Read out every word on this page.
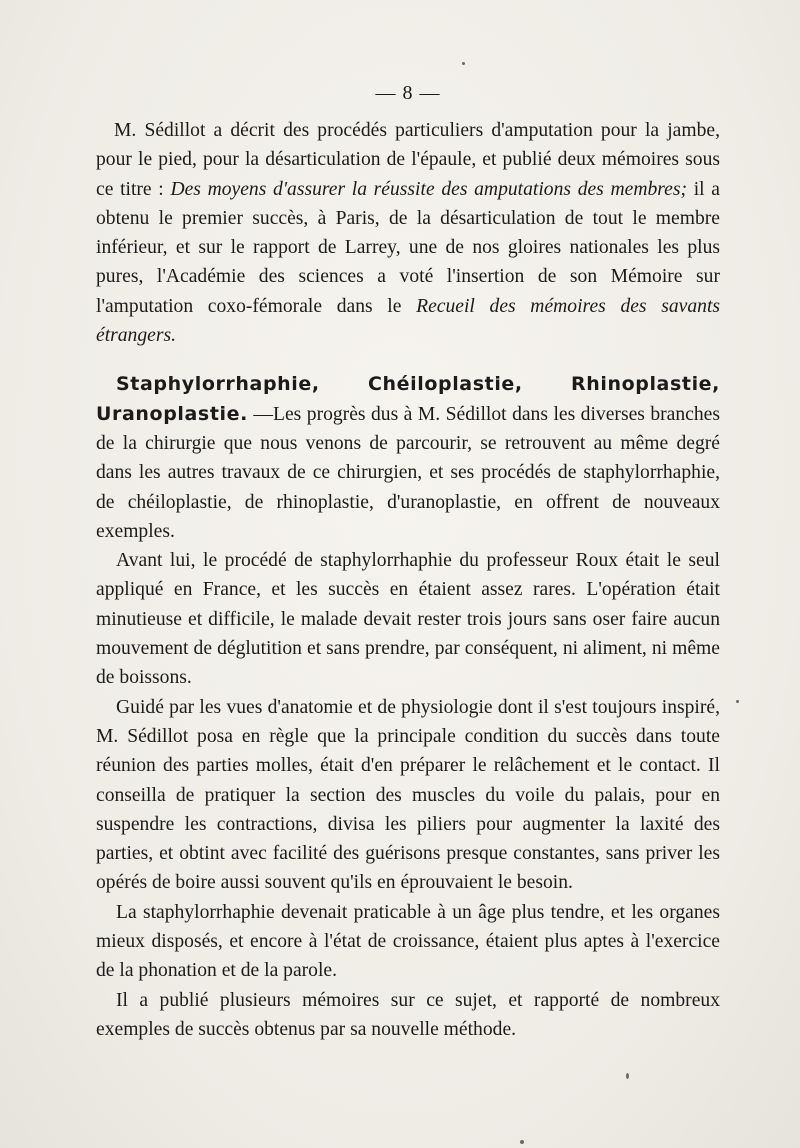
— 8 —

M. Sédillot a décrit des procédés particuliers d'amputation pour la jambe, pour le pied, pour la désarticulation de l'épaule, et publié deux mémoires sous ce titre : Des moyens d'assurer la réussite des amputations des membres; il a obtenu le premier succès, à Paris, de la désarticulation de tout le membre inférieur, et sur le rapport de Larrey, une de nos gloires nationales les plus pures, l'Académie des sciences a voté l'insertion de son Mémoire sur l'amputation coxo-fémorale dans le Recueil des mémoires des savants étrangers.

Staphylorrhaphie, Chéiloplastie, Rhinoplastie, Uranoplastie. —Les progrès dus à M. Sédillot dans les diverses branches de la chirurgie que nous venons de parcourir, se retrouvent au même degré dans les autres travaux de ce chirurgien, et ses procédés de staphylorrhaphie, de chéiloplastie, de rhinoplastie, d'uranoplastie, en offrent de nouveaux exemples.

Avant lui, le procédé de staphylorrhaphie du professeur Roux était le seul appliqué en France, et les succès en étaient assez rares. L'opération était minutieuse et difficile, le malade devait rester trois jours sans oser faire aucun mouvement de déglutition et sans prendre, par conséquent, ni aliment, ni même de boissons.

Guidé par les vues d'anatomie et de physiologie dont il s'est toujours inspiré, M. Sédillot posa en règle que la principale condition du succès dans toute réunion des parties molles, était d'en préparer le relâchement et le contact. Il conseilla de pratiquer la section des muscles du voile du palais, pour en suspendre les contractions, divisa les piliers pour augmenter la laxité des parties, et obtint avec facilité des guérisons presque constantes, sans priver les opérés de boire aussi souvent qu'ils en éprouvaient le besoin.

La staphylorrhaphie devenait praticable à un âge plus tendre, et les organes mieux disposés, et encore à l'état de croissance, étaient plus aptes à l'exercice de la phonation et de la parole.

Il a publié plusieurs mémoires sur ce sujet, et rapporté de nombreux exemples de succès obtenus par sa nouvelle méthode.
